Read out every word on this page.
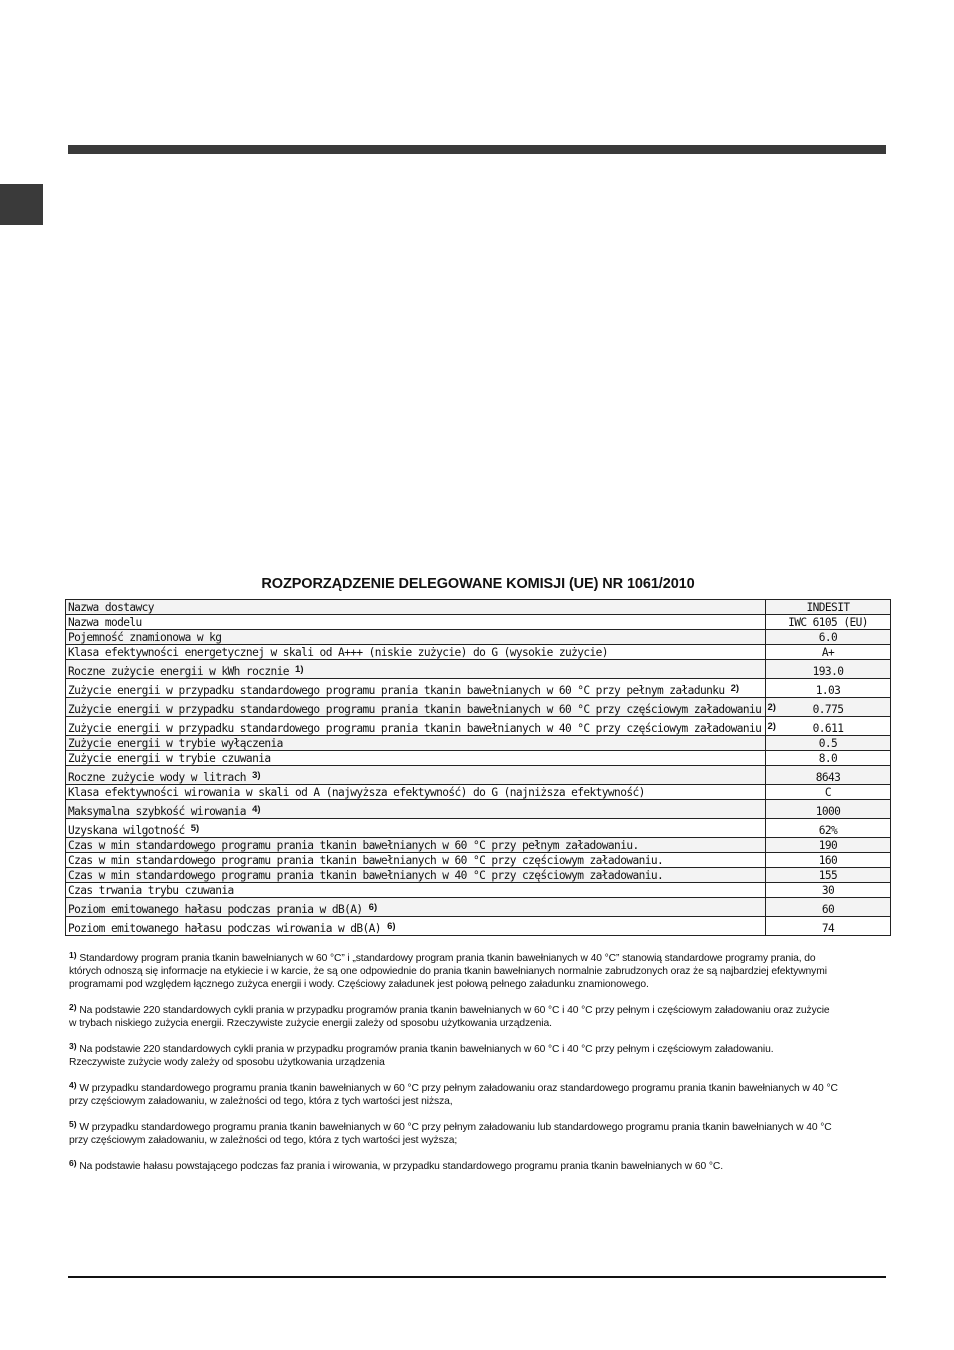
ROZPORZĄDZENIE DELEGOWANE KOMISJI (UE) NR 1061/2010
Nazwa dostawcy	INDESIT
Nazwa modelu	IWC 6105 (EU)
Pojemność znamionowa w kg	6.0
Klasa efektywności energetycznej w skali od A+++ (niskie zużycie) do G (wysokie zużycie)	A+
Roczne zużycie energii w kWh rocznie $^{1)}$	193.0
Zużycie energii w przypadku standardowego programu prania tkanin bawełnianych w 60 °C przy pełnym załadunku $^{2)}$	1.03
Zużycie energii w przypadku standardowego programu prania tkanin bawełnianych w 60 °C przy częściowym załadowaniu $^{2)}$	0.775
Zużycie energii w przypadku standardowego programu prania tkanin bawełnianych w 40 °C przy częściowym załadowaniu $^{2)}$	0.611
Zużycie energii w trybie wyłączenia	0.5
Zużycie energii w trybie czuwania	8.0
Roczne zużycie wody w litrach $^{3)}$	8643
Klasa efektywności wirowania w skali od A (najwyższa efektywność) do G (najniższa efektywność)	C
Maksymalna szybkość wirowania $^{4)}$	1000
Uzyskana wilgotność $^{5)}$	62%
Czas w min standardowego programu prania tkanin bawełnianych w 60 °C przy pełnym załadowaniu.	190
Czas w min standardowego programu prania tkanin bawełnianych w 60 °C przy częściowym załadowaniu.	160
Czas w min standardowego programu prania tkanin bawełnianych w 40 °C przy częściowym załadowaniu.	155
Czas trwania trybu czuwania	30
Poziom emitowanego hałasu podczas prania w dB(A) $^{6)}$	60
Poziom emitowanego hałasu podczas wirowania w dB(A) $^{6)}$	74
$^{1)}$ Standardowy program prania tkanin bawełnianych w 60 °C” i „standardowy program prania tkanin bawełnianych w 40 °C” stanowią standardowe programy prania, do
których odnoszą się informacje na etykiecie i w karcie, że są one odpowiednie do prania tkanin bawełnianych normalnie zabrudzonych oraz że są najbardziej efektywnymi
programami pod względem łącznego zużyca energii i wody. Częściowy załadunek jest połową pełnego załadunku znamionowego.
$^{2)}$ Na podstawie 220 standardowych cykli prania w przypadku programów prania tkanin bawełnianych w 60 °C i 40 °C przy pełnym i częściowym załadowaniu oraz zużycie
w trybach niskiego zużycia energii. Rzeczywiste zużycie energii zależy od sposobu użytkowania urządzenia.
$^{3)}$ Na podstawie 220 standardowych cykli prania w przypadku programów prania tkanin bawełnianych w 60 °C i 40 °C przy pełnym i częściowym załadowaniu.
Rzeczywiste zużycie wody zależy od sposobu użytkowania urządzenia
$^{4)}$ W przypadku standardowego programu prania tkanin bawełnianych w 60 °C przy pełnym załadowaniu oraz standardowego programu prania tkanin bawełnianych w 40 °C
przy częściowym załadowaniu, w zależności od tego, która z tych wartości jest niższa,
$^{5)}$ W przypadku standardowego programu prania tkanin bawełnianych w 60 °C przy pełnym załadowaniu lub standardowego programu prania tkanin bawełnianych w 40 °C
przy częściowym załadowaniu, w zależności od tego, która z tych wartości jest wyższa;
$^{6)}$ Na podstawie hałasu powstającego podczas faz prania i wirowania, w przypadku standardowego programu prania tkanin bawełnianych w 60 °C.
